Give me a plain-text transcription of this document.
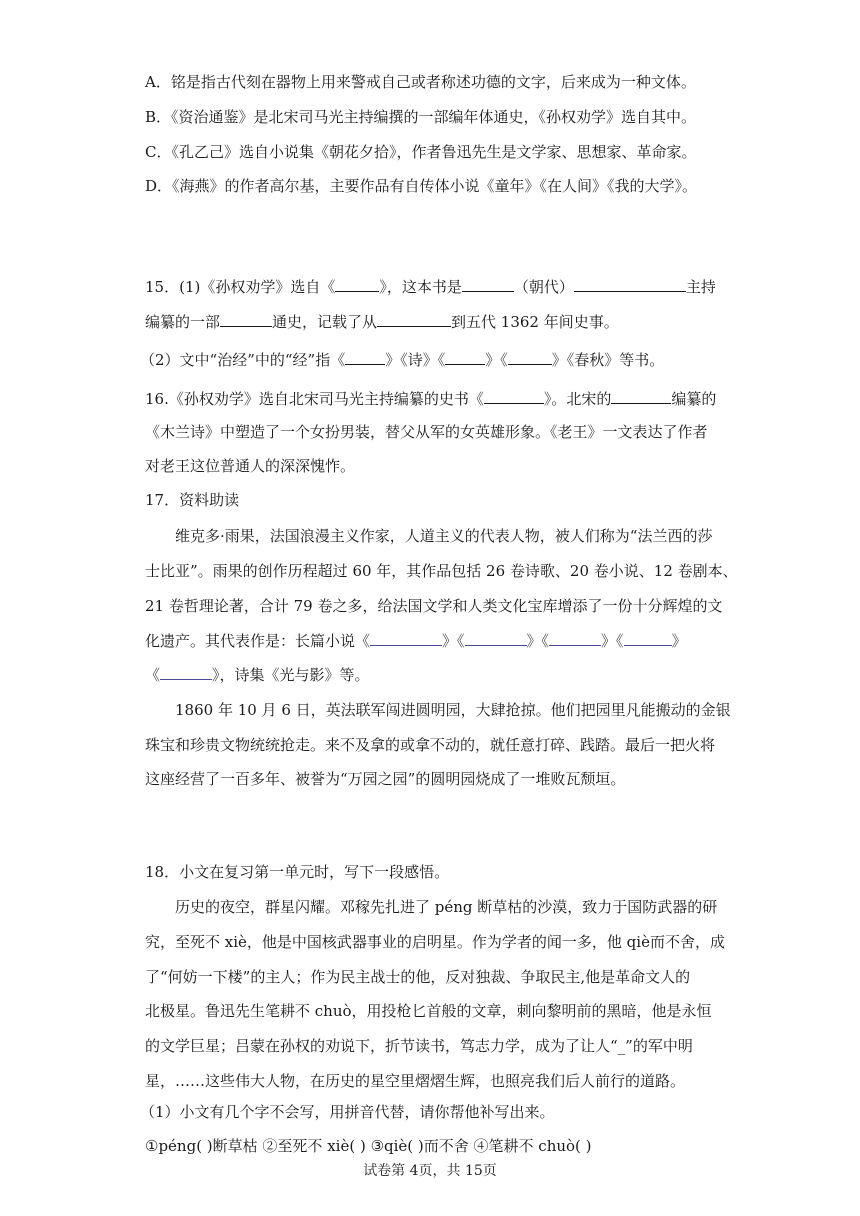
A．铭是指古代刻在器物上用来警戒自己或者称述功德的文字，后来成为一种文体。
B．《资治通鉴》是北宋司马光主持编撰的一部编年体通史，《孙权劝学》选自其中。
C．《孔乙己》选自小说集《朝花夕拾》，作者鲁迅先生是文学家、思想家、革命家。
D．《海燕》的作者高尔基，主要作品有自传体小说《童年》《在人间》《我的大学》。
15．(1)《孙权劝学》选自《	》，这本书是	（朝代）	主持
编纂的一部	通史，记载了从	到五代 1362 年间史事。
（2）文中“治经”中的“经”指《	》《诗》《	》《	》《春秋》等书。
16.《孙权劝学》选自北宋司马光主持编纂的史书《	》。北宋的	编纂的
《木兰诗》中塑造了一个女扮男装，替父从军的女英雄形象。《老王》一文表达了作者
对老王这位普通人的深深愧怍。
17．资料助读
维克多·雨果，法国浪漫主义作家，人道主义的代表人物，被人们称为“法兰西的莎
士比亚”。雨果的创作历程超过 60 年，其作品包括 26 卷诗歌、20 卷小说、12 卷剧本、
21 卷哲理论著，合计 79 卷之多，给法国文学和人类文化宝库增添了一份十分辉煌的文
化遗产。其代表作是：长篇小说《	》《	》《	》《	》
《	》，诗集《光与影》等。
1860 年 10 月 6 日，英法联军闯进圆明园，大肆抢掠。他们把园里凡能搬动的金银
珠宝和珍贵文物统统抢走。来不及拿的或拿不动的，就任意打碎、践踏。最后一把火将
这座经营了一百多年、被誉为“万园之园”的圆明园烧成了一堆败瓦颓垣。
18．小文在复习第一单元时，写下一段感悟。
历史的夜空，群星闪耀。邓稼先扎进了 péng 断草枯的沙漠，致力于国防武器的研
究，至死不 xiè，他是中国核武器事业的启明星。作为学者的闻一多，他 qiè而不舍，成
了“何妨一下楼”的主人；作为民主战士的他，反对独裁、争取民主,他是革命文人的
北极星。鲁迅先生笔耕不 chuò，用投枪匕首般的文章，刺向黎明前的黑暗，他是永恒
的文学巨星；吕蒙在孙权的劝说下，折节读书，笃志力学，成为了让人“_”的军中明
星，……这些伟大人物，在历史的星空里熠熠生辉，也照亮我们后人前行的道路。
（1）小文有几个字不会写，用拼音代替，请你帮他补写出来。
①péng( )断草枯 ②至死不 xiè( ) ③qiè( )而不舍 ④笔耕不 chuò( )
试卷第 4页，共 15页
